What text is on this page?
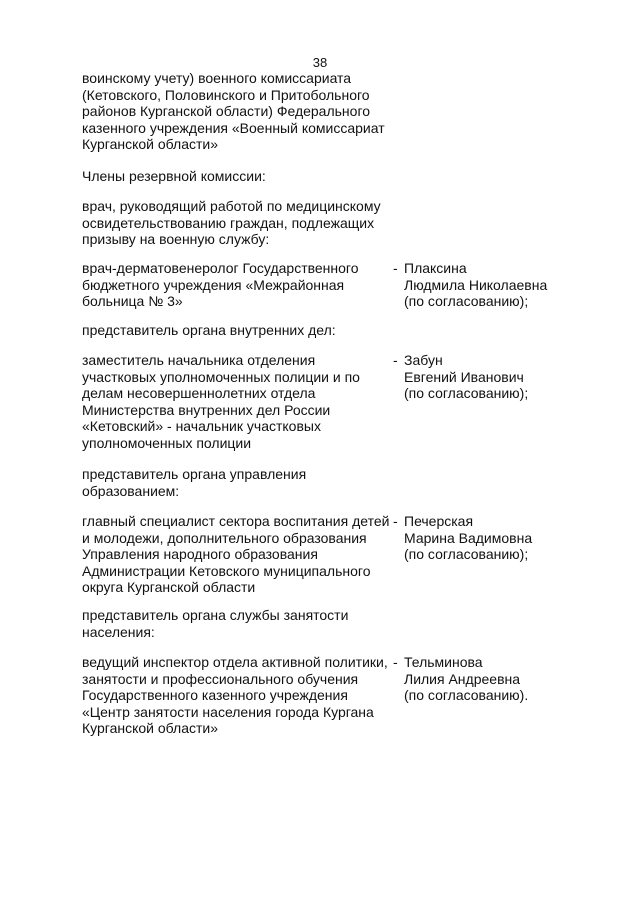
38
воинскому учету) военного комиссариата
(Кетовского, Половинского и Притобольного
районов Курганской области) Федерального
казенного учреждения «Военный комиссариат
Курганской области»
Члены резервной комиссии:
врач, руководящий работой по медицинскому
освидетельствованию граждан, подлежащих
призыву на военную службу:
врач-дерматовенеролог Государственного
бюджетного учреждения «Межрайонная
больница № 3»
- Плаксина
Людмила Николаевна
(по согласованию);
представитель органа внутренних дел:
заместитель начальника отделения
участковых уполномоченных полиции и по
делам несовершеннолетних отдела
Министерства внутренних дел России
«Кетовский» - начальник участковых
уполномоченных полиции
- Забун
Евгений Иванович
(по согласованию);
представитель органа управления
образованием:
главный специалист сектора воспитания детей
и молодежи, дополнительного образования
Управления народного образования
Администрации Кетовского муниципального
округа Курганской области
- Печерская
Марина Вадимовна
(по согласованию);
представитель органа службы занятости
населения:
ведущий инспектор отдела активной политики,
занятости и профессионального обучения
Государственного казенного учреждения
«Центр занятости населения города Кургана
Курганской области»
- Тельминова
Лилия Андреевна
(по согласованию).
